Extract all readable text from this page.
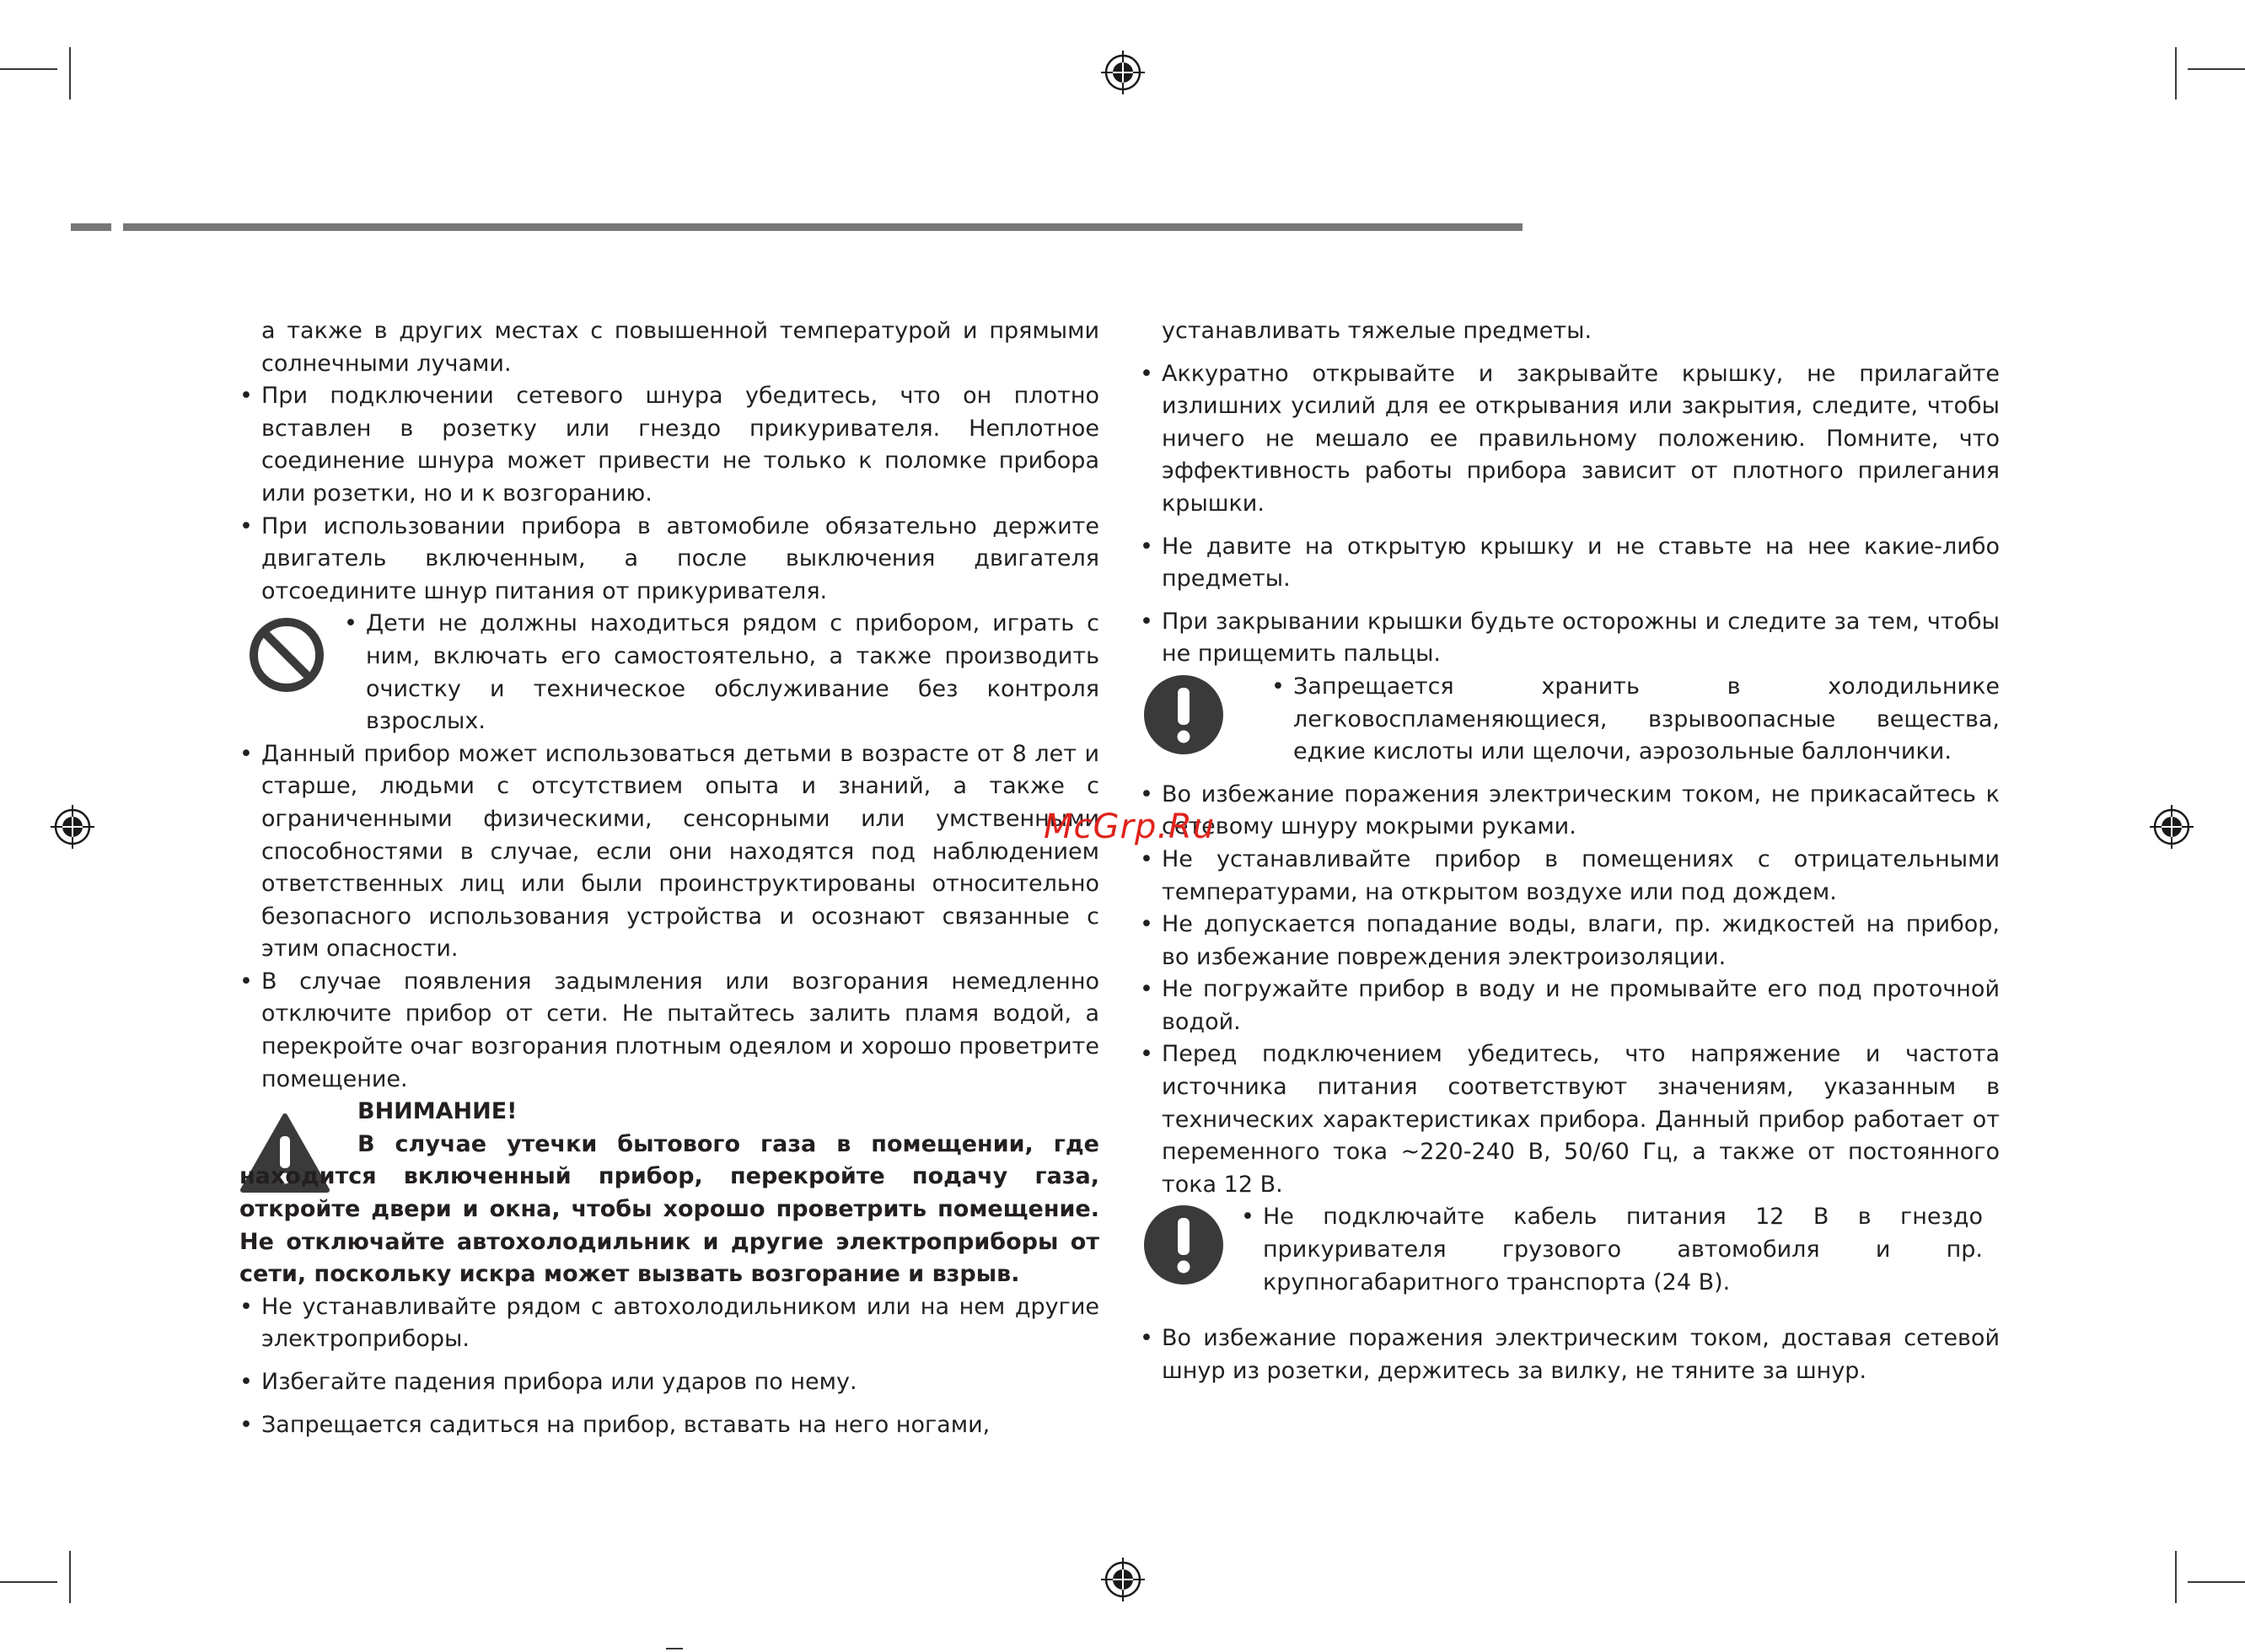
а также в других местах с повышенной температурой и прямыми солнечными лучами.

• При подключении сетевого шнура убедитесь, что он плотно вставлен в розетку или гнездо прикуривателя. Неплотное соединение шнура может привести не только к поломке прибора или розетки, но и к возгоранию.

• При использовании прибора в автомобиле обязательно держите двигатель включенным, а после выключения двигателя отсоедините шнур питания от прикуривателя.

• Дети не должны находиться рядом с прибором, играть с ним, включать его самостоятельно, а также производить очистку и техническое обслуживание без контроля взрослых.

• Данный прибор может использоваться детьми в возрасте от 8 лет и старше, людьми с отсутствием опыта и знаний, а также с ограниченными физическими, сенсорными или умственными способностями в случае, если они находятся под наблюдением ответственных лиц или были проинструктированы относительно безопасного использования устройства и осознают связанные с этим опасности.

• В случае появления задымления или возгорания немедленно отключите прибор от сети. Не пытайтесь залить пламя водой, а перекройте очаг возгорания плотным одеялом и хорошо проветрите помещение.

ВНИМАНИЕ!
В случае утечки бытового газа в помещении, где находится включенный прибор, перекройте подачу газа, откройте двери и окна, чтобы хорошо проветрить помещение. Не отключайте автохолодильник и другие электроприборы от сети, поскольку искра может вызвать возгорание и взрыв.

• Не устанавливайте рядом с автохолодильником или на нем другие электроприборы.

• Избегайте падения прибора или ударов по нему.

• Запрещается садиться на прибор, вставать на него ногами,

устанавливать тяжелые предметы.

• Аккуратно открывайте и закрывайте крышку, не прилагайте излишних усилий для ее открывания или закрытия, следите, чтобы ничего не мешало ее правильному положению. Помните, что эффективность работы прибора зависит от плотного прилегания крышки.

• Не давите на открытую крышку и не ставьте на нее какие-либо предметы.

• При закрывании крышки будьте осторожны и следите за тем, чтобы не прищемить пальцы.

• Запрещается хранить в холодильнике легковоспламеняющиеся, взрывоопасные вещества, едкие кислоты или щелочи, аэрозольные баллончики.

• Во избежание поражения электрическим током, не прикасайтесь к сетевому шнуру мокрыми руками.

• Не устанавливайте прибор в помещениях с отрицательными температурами, на открытом воздухе или под дождем.

• Не допускается попадание воды, влаги, пр. жидкостей на прибор, во избежание повреждения электроизоляции.

• Не погружайте прибор в воду и не промывайте его под проточной водой.

• Перед подключением убедитесь, что напряжение и частота источника питания соответствуют значениям, указанным в технических характеристиках прибора. Данный прибор работает от переменного тока ~220-240 В, 50/60 Гц, а также от постоянного тока 12 В.

• Не подключайте кабель питания 12 В в гнездо прикуривателя грузового автомобиля и пр. крупногабаритного транспорта (24 В).

• Во избежание поражения электрическим током, доставая сетевой шнур из розетки, держитесь за вилку, не тяните за шнур.

McGrp.Ru
